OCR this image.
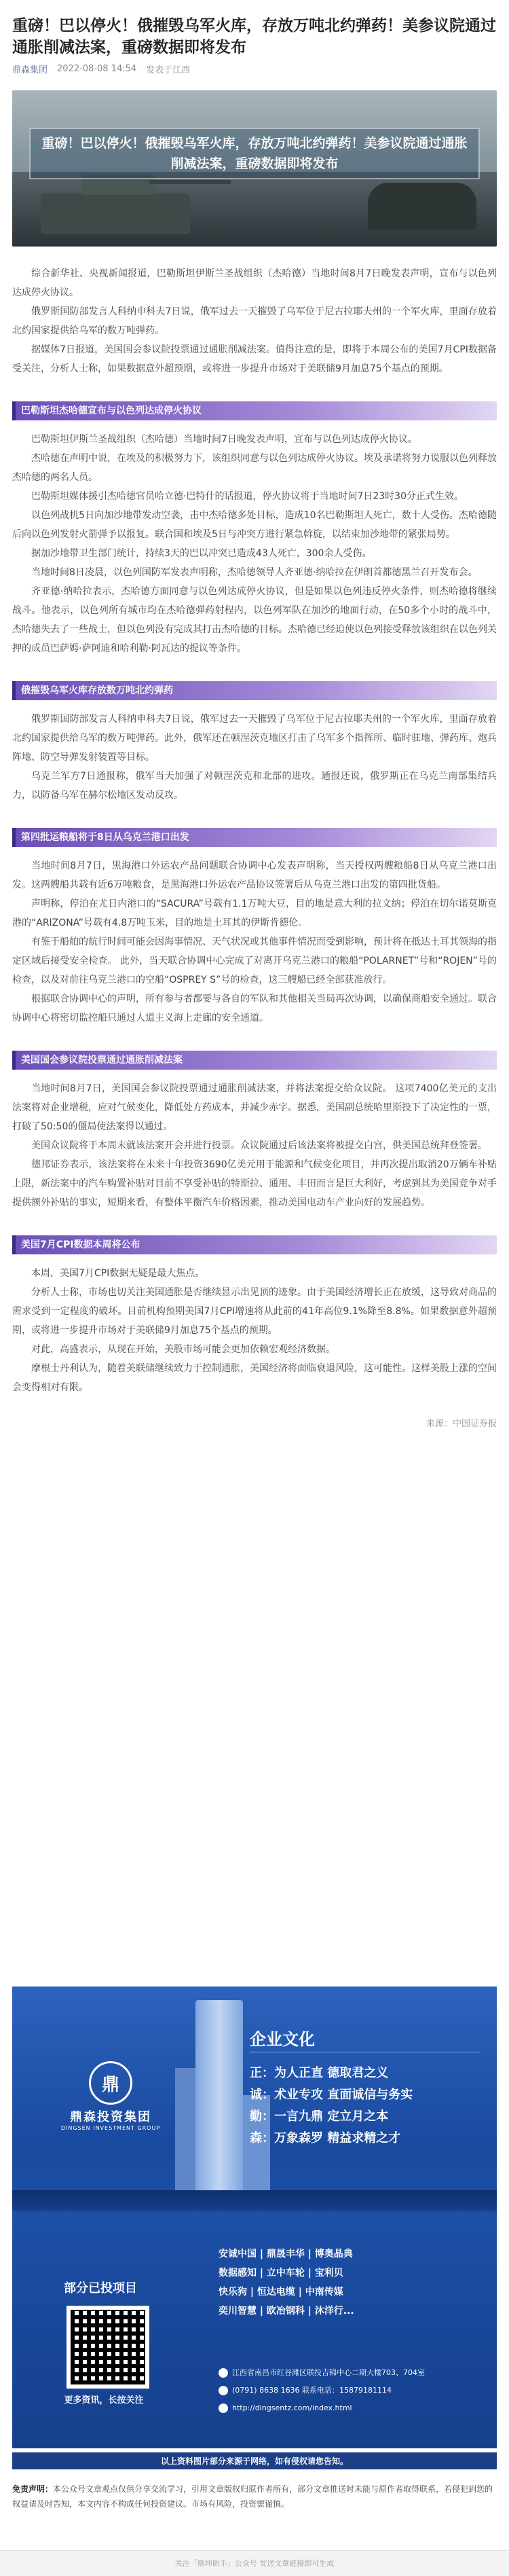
重磅！巴以停火！俄摧毁乌军火库，存放万吨北约弹药！美参议院通过通胀削减法案，重磅数据即将发布
鼎森集团 2022-08-08 14:54 发表于江西
重磅！巴以停火！俄摧毁乌军火库，存放万吨北约弹药！美参议院通过通胀削减法案，重磅数据即将发布

综合新华社、央视新闻报道，巴勒斯坦伊斯兰圣战组织（杰哈德）当地时间8月7日晚发表声明，宣布与以色列达成停火协议。

俄罗斯国防部发言人科纳申科夫7日说，俄军过去一天摧毁了乌军位于尼古拉耶夫州的一个军火库，里面存放着北约国家提供给乌军的数万吨弹药。

据媒体7日报道，美国国会参议院投票通过通胀削减法案。值得注意的是，即将于本周公布的美国7月CPI数据备受关注，分析人士称，如果数据意外超预期，或将进一步提升市场对于美联储9月加息75个基点的预期。

巴勒斯坦杰哈德宣布与以色列达成停火协议

巴勒斯坦伊斯兰圣战组织（杰哈德）当地时间7日晚发表声明，宣布与以色列达成停火协议。

杰哈德在声明中说，在埃及的积极努力下，该组织同意与以色列达成停火协议。埃及承诺将努力说服以色列释放杰哈德的两名人员。

巴勒斯坦媒体援引杰哈德官员哈立德·巴特什的话报道，停火协议将于当地时间7日23时30分正式生效。

以色列战机5日向加沙地带发动空袭，击中杰哈德多处目标，造成10名巴勒斯坦人死亡，数十人受伤。杰哈德随后向以色列发射火箭弹予以报复。联合国和埃及5日与冲突方进行紧急斡旋，以结束加沙地带的紧张局势。

据加沙地带卫生部门统计，持续3天的巴以冲突已造成43人死亡，300余人受伤。

当地时间8日凌晨，以色列国防军发表声明称，杰哈德领导人齐亚德·纳哈拉在伊朗首都德黑兰召开发布会。

齐亚德·纳哈拉表示，杰哈德方面同意与以色列达成停火协议，但是如果以色列违反停火条件，则杰哈德将继续战斗。他表示，以色列所有城市均在杰哈德弹药射程内，以色列军队在加沙的地面行动，在50多个小时的战斗中，杰哈德失去了一些战士，但以色列没有完成其打击杰哈德的目标。杰哈德已经迫使以色列接受释放该组织在以色列关押的成员巴萨姆·萨阿迪和哈利勒·阿瓦达的提议等条件。

俄摧毁乌军火库存放数万吨北约弹药

俄罗斯国防部发言人科纳申科夫7日说，俄军过去一天摧毁了乌军位于尼古拉耶夫州的一个军火库，里面存放着北约国家提供给乌军的数万吨弹药。此外，俄军还在顿涅茨克地区打击了乌军多个指挥所、临时驻地、弹药库、炮兵阵地、防空导弹发射装置等目标。

乌克兰军方7日通报称，俄军当天加强了对顿涅茨克和北部的进攻。通报还说，俄罗斯正在乌克兰南部集结兵力，以防备乌军在赫尔松地区发动反攻。

第四批运粮船将于8日从乌克兰港口出发

当地时间8月7日，黑海港口外运农产品问题联合协调中心发表声明称，当天授权两艘粮船8日从乌克兰港口出发。这两艘船共载有近6万吨粮食，是黑海港口外运农产品协议签署后从乌克兰港口出发的第四批货船。

声明称，停泊在尤日内港口的“SACURA”号载有1.1万吨大豆，目的地是意大利的拉文纳；停泊在切尔诺莫斯克港的“ARIZONA”号载有4.8万吨玉米，目的地是土耳其的伊斯肯德伦。

有鉴于船舶的航行时间可能会因海事情况、天气状况或其他事件情况而受到影响，预计将在抵达土耳其领海的指定区域后接受安全检查。 此外，当天联合协调中心完成了对离开乌克兰港口的粮船“POLARNET”号和“ROJEN”号的检查，以及对前往乌克兰港口的空船“OSPREY S”号的检查，这三艘船已经全部获准放行。

根据联合协调中心的声明，所有参与者都要与各自的军队和其他相关当局再次协调，以确保商船安全通过。联合协调中心将密切监控船只通过人道主义海上走廊的安全通道。

美国国会参议院投票通过通胀削减法案

当地时间8月7日，美国国会参议院投票通过通胀削减法案，并将法案提交给众议院。 这项7400亿美元的支出法案将对企业增税，应对气候变化，降低处方药成本，并减少赤字。据悉，美国副总统哈里斯投下了决定性的一票，打破了50:50的僵局使法案得以通过。

美国众议院将于本周末就该法案开会并进行投票。众议院通过后该法案将被提交白宫，供美国总统拜登签署。

德邦证券表示，该法案将在未来十年投资3690亿美元用于能源和气候变化项目，并再次提出取消20万辆车补贴上限，新法案中的汽车购置补贴对目前不享受补贴的特斯拉、通用、丰田而言是巨大利好，考虑到其为美国竞争对手提供额外补贴的事实，短期来看，有整体平衡汽车价格因素，推动美国电动车产业向好的发展趋势。

美国7月CPI数据本周将公布

本周，美国7月CPI数据无疑是最大焦点。

分析人士称，市场也切关注美国通胀是否继续显示出见顶的迹象。由于美国经济增长正在放缓，这导致对商品的需求受到一定程度的破坏。目前机构预期美国7月CPI增速将从此前的41年高位9.1%降至8.8%。如果数据意外超预期，或将进一步提升市场对于美联储9月加息75个基点的预期。

对此，高盛表示，从现在开始，美股市场可能会更加依赖宏观经济数据。

摩根士丹利认为，随着美联储继续致力于控制通胀，美国经济将面临衰退风险，这可能性。这样美股上涨的空间会变得相对有限。

来源：中国证券报
鼎
鼎森投资集团
DINGSEN INVESTMENT GROUP
企业文化
正：为人正直 德取君之义
诚：术业专攻 直面诚信与务实
勤：一言九鼎 定立月之本
森：万象森罗 精益求精之才
部分已投项目
更多资讯，长按关注
安诚中国 | 鼎晟丰华 | 博奥晶典
数据感知 | 立中车轮 | 宝利贝
快乐狗 | 恒达电缆 | 中南传媒
奕川智慧 | 欧冶钢科 | 沐洋行...
江西省南昌市红谷滩区联投吉锦中心二期大楼703、704室
(0791) 8638 1636 联系电话：15879181114
http://dingsentz.com/index.html
以上资料图片部分来源于网络，如有侵权请您告知。
免责声明：本公众号文章观点仅供分享交流学习，引用文章版权归原作者所有，部分文章推送时未能与原作者取得联系，若侵犯到您的权益请及时告知，本文内容不构成任何投资建议。市场有风险，投资需谨慎。
关注「鼎坤助手」公众号 发送文章链接即可生成
